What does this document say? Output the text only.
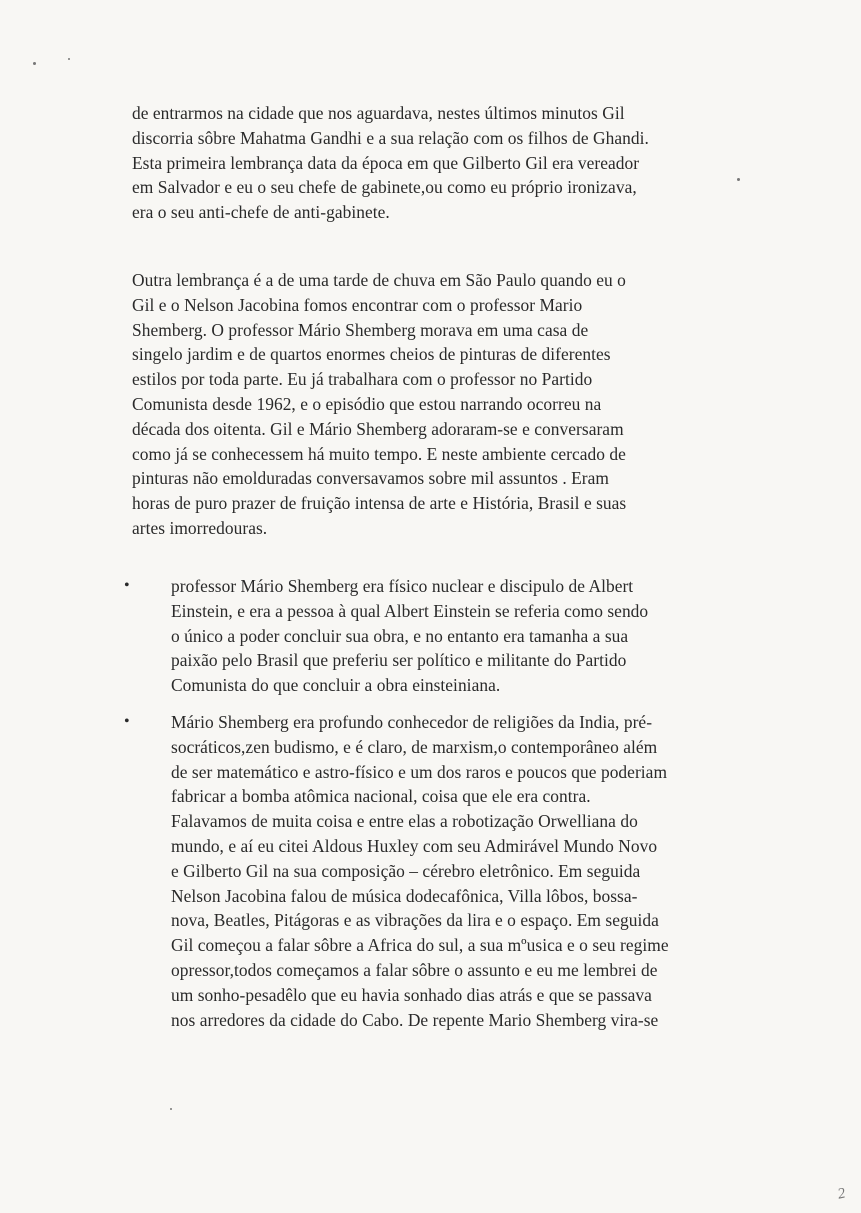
de entrarmos na cidade que nos aguardava, nestes últimos minutos Gil
discorria sôbre Mahatma Gandhi e a sua relação com os filhos de Ghandi.
Esta primeira lembrança data da época em que Gilberto Gil era vereador
em Salvador e eu o seu chefe de gabinete,ou como eu próprio ironizava,
era o seu anti-chefe de anti-gabinete.
Outra lembrança é a de uma tarde de chuva em São Paulo quando eu o
Gil e o Nelson Jacobina fomos encontrar com o professor Mario
Shemberg. O professor Mário Shemberg morava em uma casa de
singelo jardim e de quartos enormes cheios de pinturas de diferentes
estilos por toda parte. Eu já trabalhara com o professor no Partido
Comunista desde 1962, e o episódio que estou narrando ocorreu na
década dos oitenta. Gil e Mário Shemberg adoraram-se e conversaram
como já se conhecessem há muito tempo. E neste ambiente cercado de
pinturas não emolduradas conversavamos sobre mil assuntos . Eram
horas de puro prazer de fruição intensa de arte e História, Brasil e suas
artes imorredouras.
• professor Mário Shemberg era físico nuclear e discipulo de Albert
Einstein, e era a pessoa à qual Albert Einstein se referia como sendo
o único a poder concluir sua obra, e no entanto era tamanha a sua
paixão pelo Brasil que preferiu ser político e militante do Partido
Comunista do que concluir a obra einsteiniana.
• Mário Shemberg era profundo conhecedor de religiões da India, pré-
socráticos,zen budismo, e é claro, de marxism,o contemporâneo além
de ser matemático e astro-físico e um dos raros e poucos que poderiam
fabricar a bomba atômica nacional, coisa que ele era contra.
Falavamos de muita coisa e entre elas a robotização Orwelliana do
mundo, e aí eu citei Aldous Huxley com seu Admirável Mundo Novo
e Gilberto Gil na sua composição – cérebro eletrônico. Em seguida
Nelson Jacobina falou de música dodecafônica, Villa lôbos, bossa-
nova, Beatles, Pitágoras e as vibrações da lira e o espaço. Em seguida
Gil começou a falar sôbre a Africa do sul, a sua mºusica e o seu regime
opressor,todos começamos a falar sôbre o assunto e eu me lembrei de
um sonho-pesadêlo que eu havia sonhado dias atrás e que se passava
nos arredores da cidade do Cabo. De repente Mario Shemberg vira-se
2
